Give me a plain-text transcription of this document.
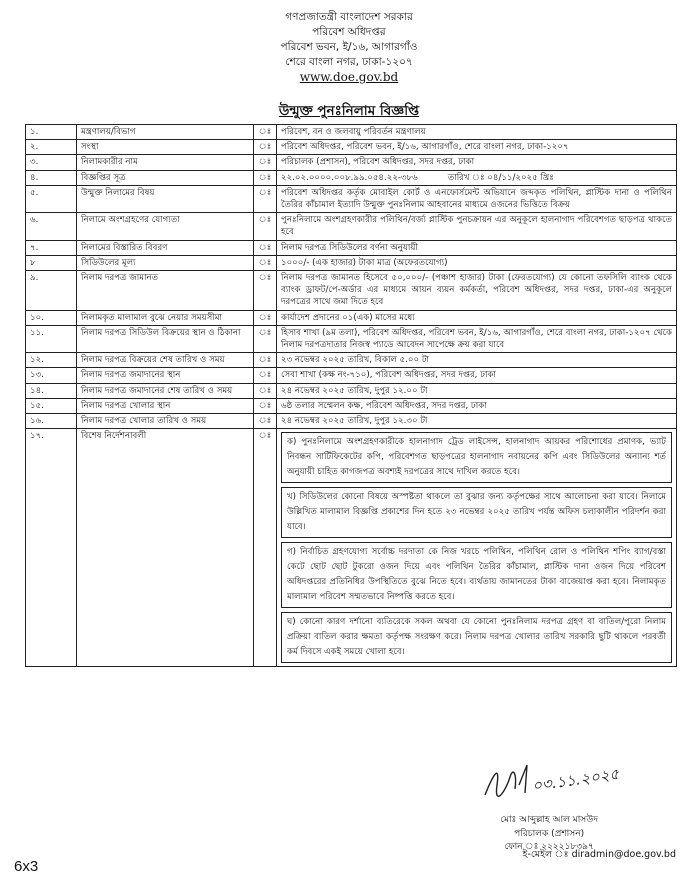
গণপ্রজাতন্ত্রী বাংলাদেশ সরকার
পরিবেশ অধিদপ্তর
পরিবেশ ভবন, ই/১৬, আগারগাঁও
শেরে বাংলা নগর, ঢাকা-১২০৭
www.doe.gov.bd
উন্মুক্ত পুনঃনিলাম বিজ্ঞপ্তি
১.	মন্ত্রণালয়/বিভাগ	ঃ	পরিবেশ, বন ও জলবায়ু পরিবর্তন মন্ত্রণালয়
২.	সংস্থা	ঃ	পরিবেশ অধিদপ্তর, পরিবেশ ভবন, ই/১৬, আগারগাঁও, শেরে বাংলা নগর, ঢাকা-১২০৭
৩.	নিলামকারীর নাম	ঃ	পরিচালক (প্রশাসন), পরিবেশ অধিদপ্তর, সদর দপ্তর, ঢাকা
৪.	বিজ্ঞপ্তির সূত্র	ঃ	২২.০২.০০০০.০০৮.৯৯.০৫৪.২২-৩৮৬ তারিখ ঃ ০৪/১১/২০২৫ খ্রিঃ
৫.	উন্মুক্ত নিলামের বিষয়	ঃ	পরিবেশ অধিদপ্তর কর্তৃক মোবাইল কোর্ট ও এনফোর্সমেন্ট অভিযানে জব্দকৃত পলিথিন, প্লাস্টিক দানা ও পলিথিন তৈরির কাঁচামাল ইত্যাদি উন্মুক্ত পুনঃনিলাম আহবানের মাধ্যমে ওজনের ভিত্তিতে বিক্রয়
৬.	নিলামে অংশগ্রহণের যোগ্যতা	ঃ	পুনঃনিলামে অংশগ্রহণকারীর পলিথিন/বর্জ্য প্লাস্টিক পুনচক্রায়ন এর অনুকূলে হালনাগাদ পরিবেশগত ছাড়পত্র থাকতে হবে
৭.	নিলামের বিস্তারিত বিবরণ	ঃ	নিলাম দরপত্র সিডিউলের বর্ণনা অনুযায়ী
৮	সিডিউলের মূল্য	ঃ	১০০০/- (এক হাজার) টাকা মাত্র (অফেরতযোগ্য)
৯.	নিলাম দরপত্র জামানত	ঃ	নিলাম দরপত্র জামানত হিসেবে ৫০,০০০/- (পঞ্চাশ হাজার) টাকা (ফেরতযোগ্য) যে কোনো তফসিলি ব্যাংক থেকে ব্যাংক ড্রাফট/পে-অর্ডার এর মাধ্যমে আয়ন ব্যয়ন কর্মকর্তা, পরিবেশ অধিদপ্তর, সদর দপ্তর, ঢাকা-এর অনুকূলে দরপত্রের সাথে জমা দিতে হবে
১০.	নিলামকৃত মালামাল বুঝে নেয়ার সময়সীমা	ঃ	কার্যাদেশ প্রদানের ০১(এক) মাসের মধ্যে
১১.	নিলাম দরপত্র সিডিউল বিক্রয়ের স্থান ও ঠিকানা	ঃ	হিসাব শাখা (৯ম তলা), পরিবেশ অধিদপ্তর, পরিবেশ ভবন, ই/১৬, আগারগাঁও, শেরে বাংলা নগর, ঢাকা-১২০৭ থেকে নিলাম দরপত্রদাতার নিজস্ব প্যাডে আবেদন সাপেক্ষে ক্রয় করা যাবে
১২.	নিলাম দরপত্র বিক্রয়ের শেষ তারিখ ও সময়	ঃ	২৩ নভেম্বর ২০২৫ তারিখ, বিকাল ৫.০০ টা
১৩.	নিলাম দরপত্র জমাদানের স্থান	ঃ	সেবা শাখা (কক্ষ নং-৭১০), পরিবেশ অধিদপ্তর, সদর দপ্তর, ঢাকা
১৪.	নিলাম দরপত্র জমাদানের শেষ তারিখ ও সময়	ঃ	২৪ নভেম্বর ২০২৫ তারিখ, দুপুর ১২.০০ টা
১৫.	নিলাম দরপত্র খোলার স্থান	ঃ	৬ষ্ঠ তলার সম্মেলন কক্ষ, পরিবেশ অধিদপ্তর, সদর দপ্তর, ঢাকা
১৬.	নিলাম দরপত্র খোলার তারিখ ও সময়	ঃ	২৪ নভেম্বর ২০২৫ তারিখ, দুপুর ১২.৩০ টা
১৭.	বিশেষ নির্দেশনাবলী	ঃ	ক) পুনঃনিলামে অংশগ্রহণকারীকে হালনাগাদ ট্রেড লাইসেন্স, হালনাগাদ আয়কর পরিশোধের প্রমাণক, ভ্যাট নিবন্ধন সার্টিফিকেটের কপি, পরিবেশগত ছাড়পত্রের হালনাগাদ নবায়নের কপি এবং সিডিউলের অন্যান্য শর্ত অনুযায়ী চাহিত কাগজপত্র অবশ্যই দরপত্রের সাথে দাখিল করতে হবে।
খ) সিডিউলের কোনো বিষয়ে অস্পষ্টতা থাকলে তা বুঝার জন্য কর্তৃপক্ষের সাথে আলোচনা করা যাবে। নিলামে উল্লিখিত মালামাল বিজ্ঞপ্তি প্রকাশের দিন হতে ২৩ নভেম্বর ২০২৫ তারিখ পর্যন্ত অফিস চলাকালীন পরিদর্শন করা যাবে।
গ) নির্বাচিত গ্রহণযোগ্য সর্বোচ্চ দরদাতা কে নিজ খরচে পলিথিন, পলিথিন রোল ও পলিথিন শপিং ব্যাগ/বস্তা কেটে ছোট ছোট টুকরো ওজন দিয়ে এবং পলিথিন তৈরির কাঁচামাল, প্লাস্টিক দানা ওজন দিয়ে পরিবেশ অধিদপ্তরের প্রতিনিধির উপস্থিতিতে বুঝে নিতে হবে। ব্যর্থতায় জামানতের টাকা বাজেয়াপ্ত করা হবে। নিলামকৃত মালামাল পরিবেশ সম্মতভাবে নিষ্পত্তি করতে হবে।
ঘ) কোনো কারণ দর্শানো ব্যতিরেকে সকল অথবা যে কোনো পুনঃনিলাম দরপত্র গ্রহণ বা বাতিল/পুরো নিলাম প্রক্রিয়া বাতিল করার ক্ষমতা কর্তৃপক্ষ সংরক্ষণ করে। নিলাম দরপত্র খোলার তারিখ সরকারি ছুটি থাকলে পরবর্তী কর্ম দিবসে একই সময়ে খোলা হবে।
০৩.১১.২০২৫
মোঃ আব্দুল্লাহ আল মাসউদ
পরিচালক (প্রশাসন)
ফোন ঃ ২২২২১৮৩৯৭
ই-মেইল ঃ diradmin@doe.gov.bd
6x3
